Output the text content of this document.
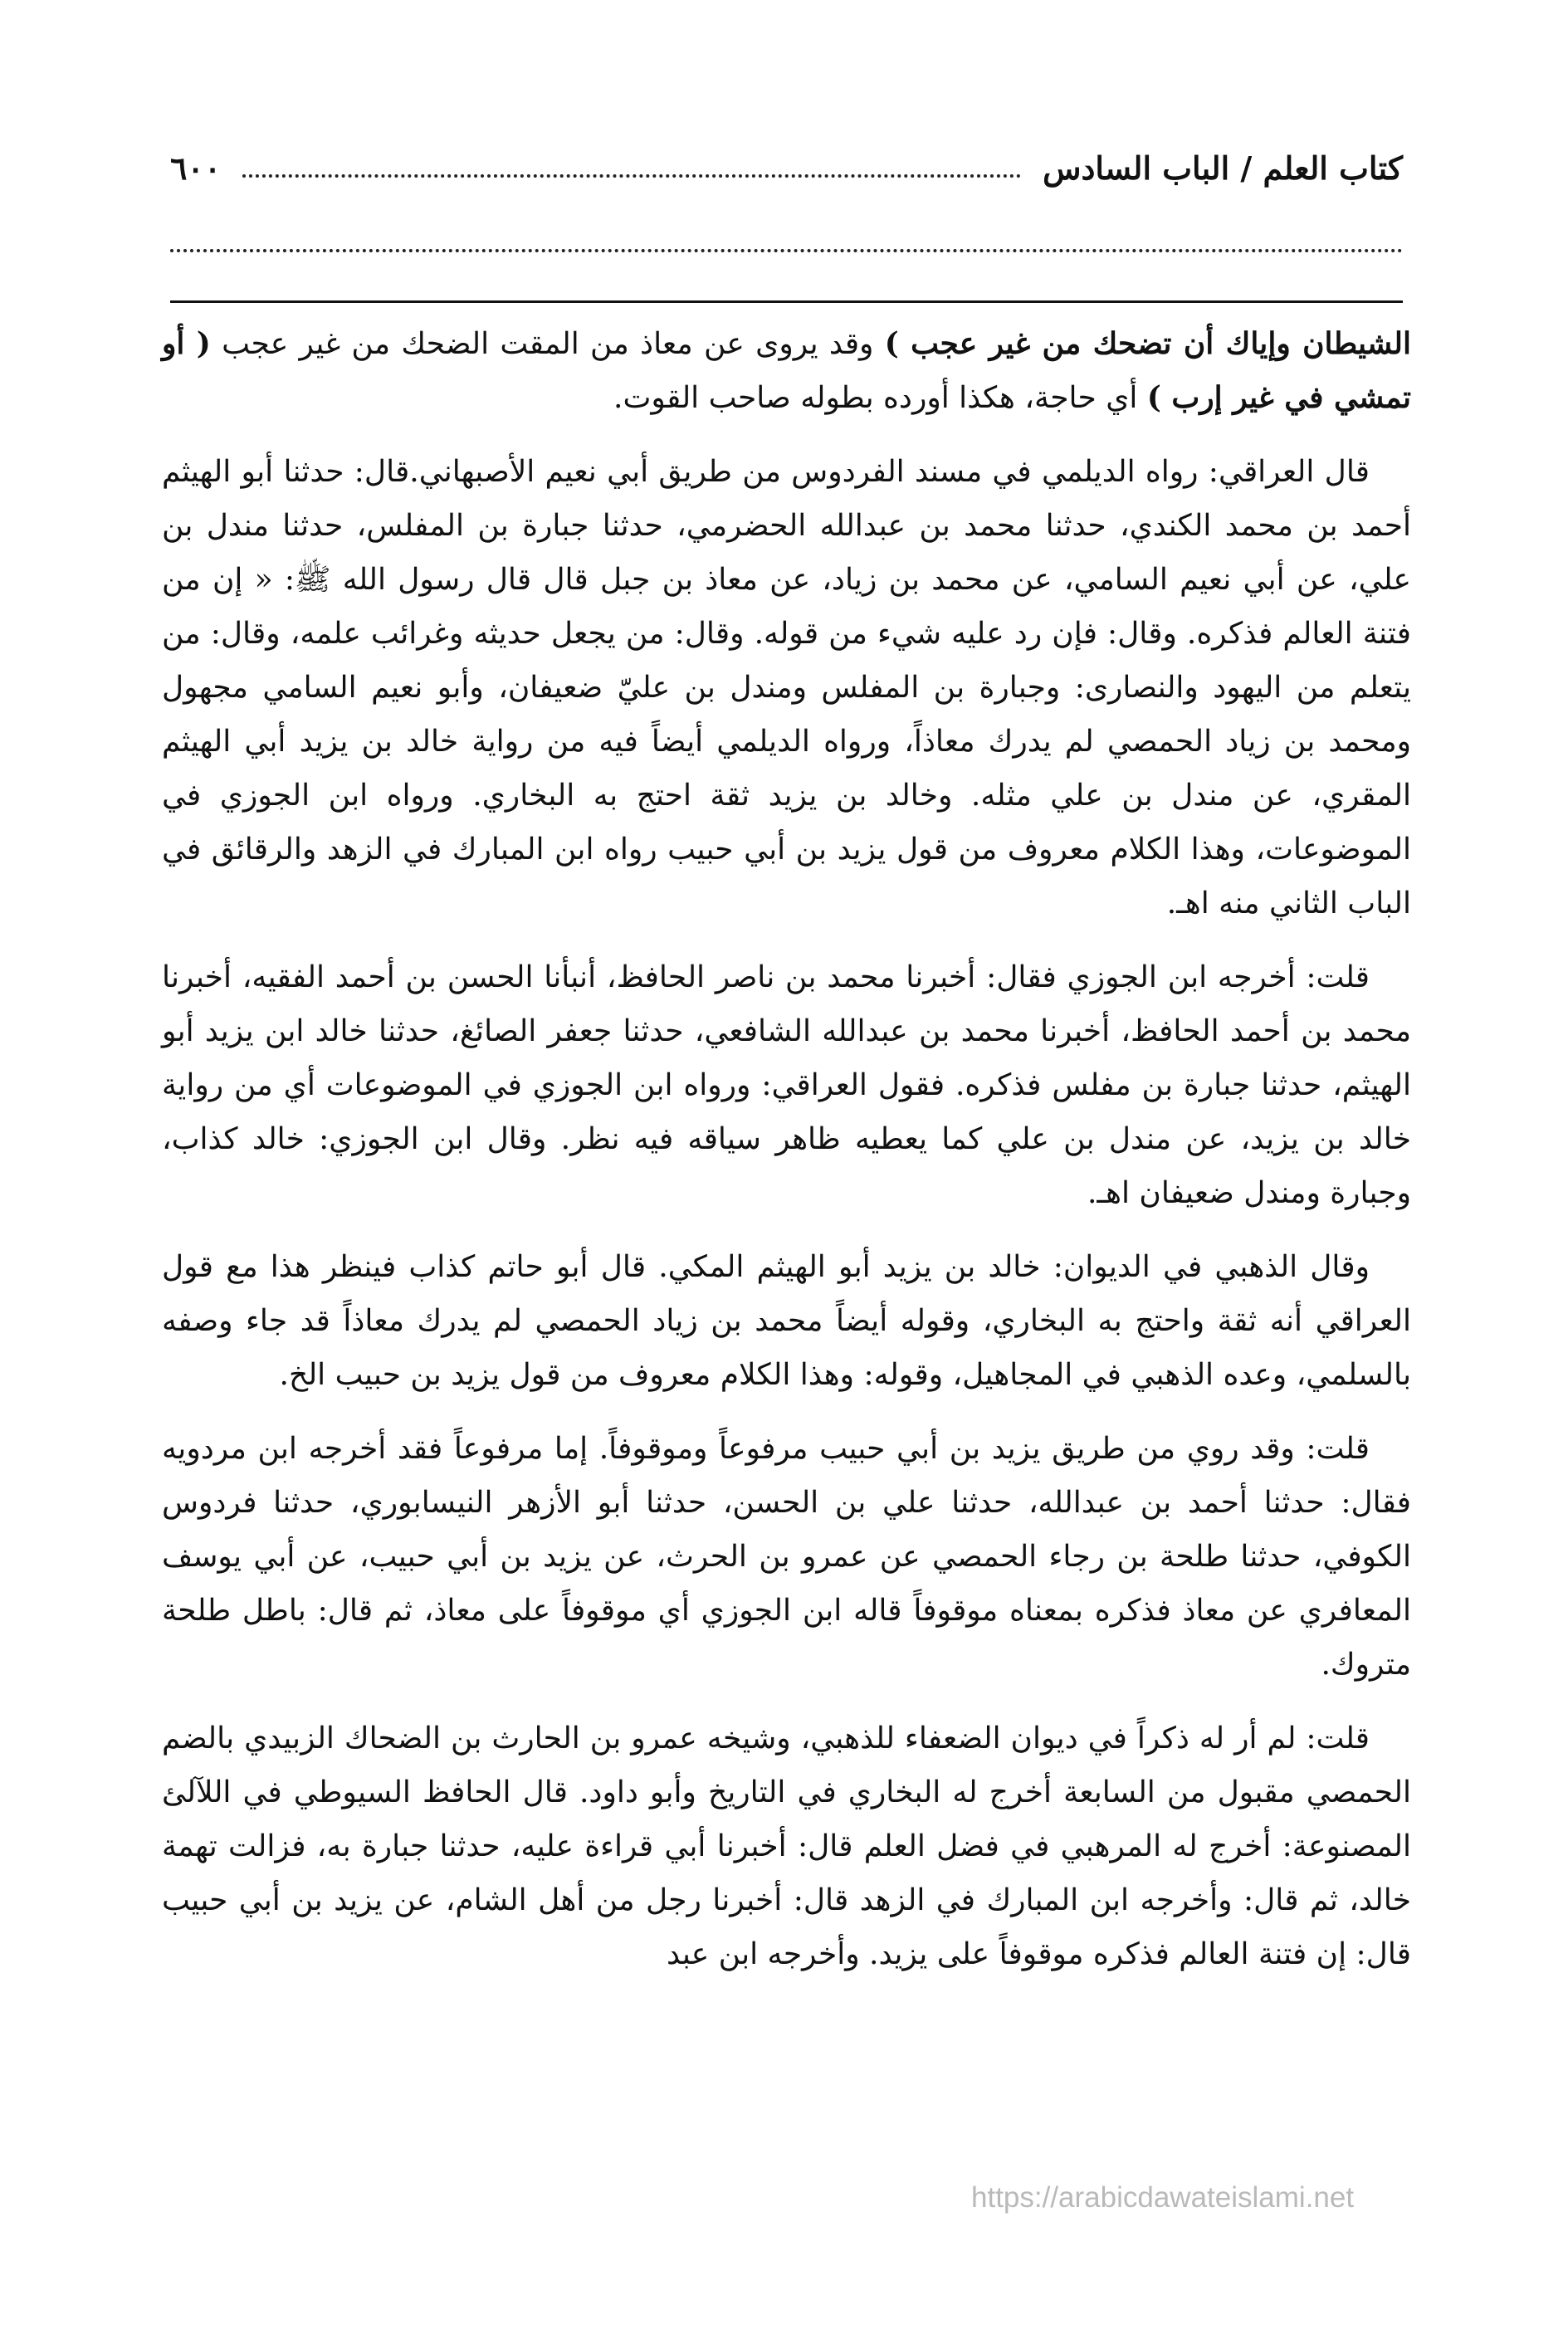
كتاب العلم / الباب السادس
٦٠٠

الشيطان وإياك أن تضحك من غير عجب ) وقد يروى عن معاذ من المقت الضحك من غير عجب ( أو تمشي في غير إرب ) أي حاجة، هكذا أورده بطوله صاحب القوت.

قال العراقي: رواه الديلمي في مسند الفردوس من طريق أبي نعيم الأصبهاني.قال: حدثنا أبو الهيثم أحمد بن محمد الكندي، حدثنا محمد بن عبدالله الحضرمي، حدثنا جبارة بن المفلس، حدثنا مندل بن علي، عن أبي نعيم السامي، عن محمد بن زياد، عن معاذ بن جبل قال قال رسول الله ﷺ: « إن من فتنة العالم فذكره. وقال: فإن رد عليه شيء من قوله. وقال: من يجعل حديثه وغرائب علمه، وقال: من يتعلم من اليهود والنصارى: وجبارة بن المفلس ومندل بن عليّ ضعيفان، وأبو نعيم السامي مجهول ومحمد بن زياد الحمصي لم يدرك معاذاً، ورواه الديلمي أيضاً فيه من رواية خالد بن يزيد أبي الهيثم المقري، عن مندل بن علي مثله. وخالد بن يزيد ثقة احتج به البخاري. ورواه ابن الجوزي في الموضوعات، وهذا الكلام معروف من قول يزيد بن أبي حبيب رواه ابن المبارك في الزهد والرقائق في الباب الثاني منه اهـ.

قلت: أخرجه ابن الجوزي فقال: أخبرنا محمد بن ناصر الحافظ، أنبأنا الحسن بن أحمد الفقيه، أخبرنا محمد بن أحمد الحافظ، أخبرنا محمد بن عبدالله الشافعي، حدثنا جعفر الصائغ، حدثنا خالد ابن يزيد أبو الهيثم، حدثنا جبارة بن مفلس فذكره. فقول العراقي: ورواه ابن الجوزي في الموضوعات أي من رواية خالد بن يزيد، عن مندل بن علي كما يعطيه ظاهر سياقه فيه نظر. وقال ابن الجوزي: خالد كذاب، وجبارة ومندل ضعيفان اهـ.

وقال الذهبي في الديوان: خالد بن يزيد أبو الهيثم المكي. قال أبو حاتم كذاب فينظر هذا مع قول العراقي أنه ثقة واحتج به البخاري، وقوله أيضاً محمد بن زياد الحمصي لم يدرك معاذاً قد جاء وصفه بالسلمي، وعده الذهبي في المجاهيل، وقوله: وهذا الكلام معروف من قول يزيد بن حبيب الخ.

قلت: وقد روي من طريق يزيد بن أبي حبيب مرفوعاً وموقوفاً. إما مرفوعاً فقد أخرجه ابن مردويه فقال: حدثنا أحمد بن عبدالله، حدثنا علي بن الحسن، حدثنا أبو الأزهر النيسابوري، حدثنا فردوس الكوفي، حدثنا طلحة بن رجاء الحمصي عن عمرو بن الحرث، عن يزيد بن أبي حبيب، عن أبي يوسف المعافري عن معاذ فذكره بمعناه موقوفاً قاله ابن الجوزي أي موقوفاً على معاذ، ثم قال: باطل طلحة متروك.

قلت: لم أر له ذكراً في ديوان الضعفاء للذهبي، وشيخه عمرو بن الحارث بن الضحاك الزبيدي بالضم الحمصي مقبول من السابعة أخرج له البخاري في التاريخ وأبو داود. قال الحافظ السيوطي في اللآلئ المصنوعة: أخرج له المرهبي في فضل العلم قال: أخبرنا أبي قراءة عليه، حدثنا جبارة به، فزالت تهمة خالد، ثم قال: وأخرجه ابن المبارك في الزهد قال: أخبرنا رجل من أهل الشام، عن يزيد بن أبي حبيب قال: إن فتنة العالم فذكره موقوفاً على يزيد. وأخرجه ابن عبد

https://arabicdawateislami.net
